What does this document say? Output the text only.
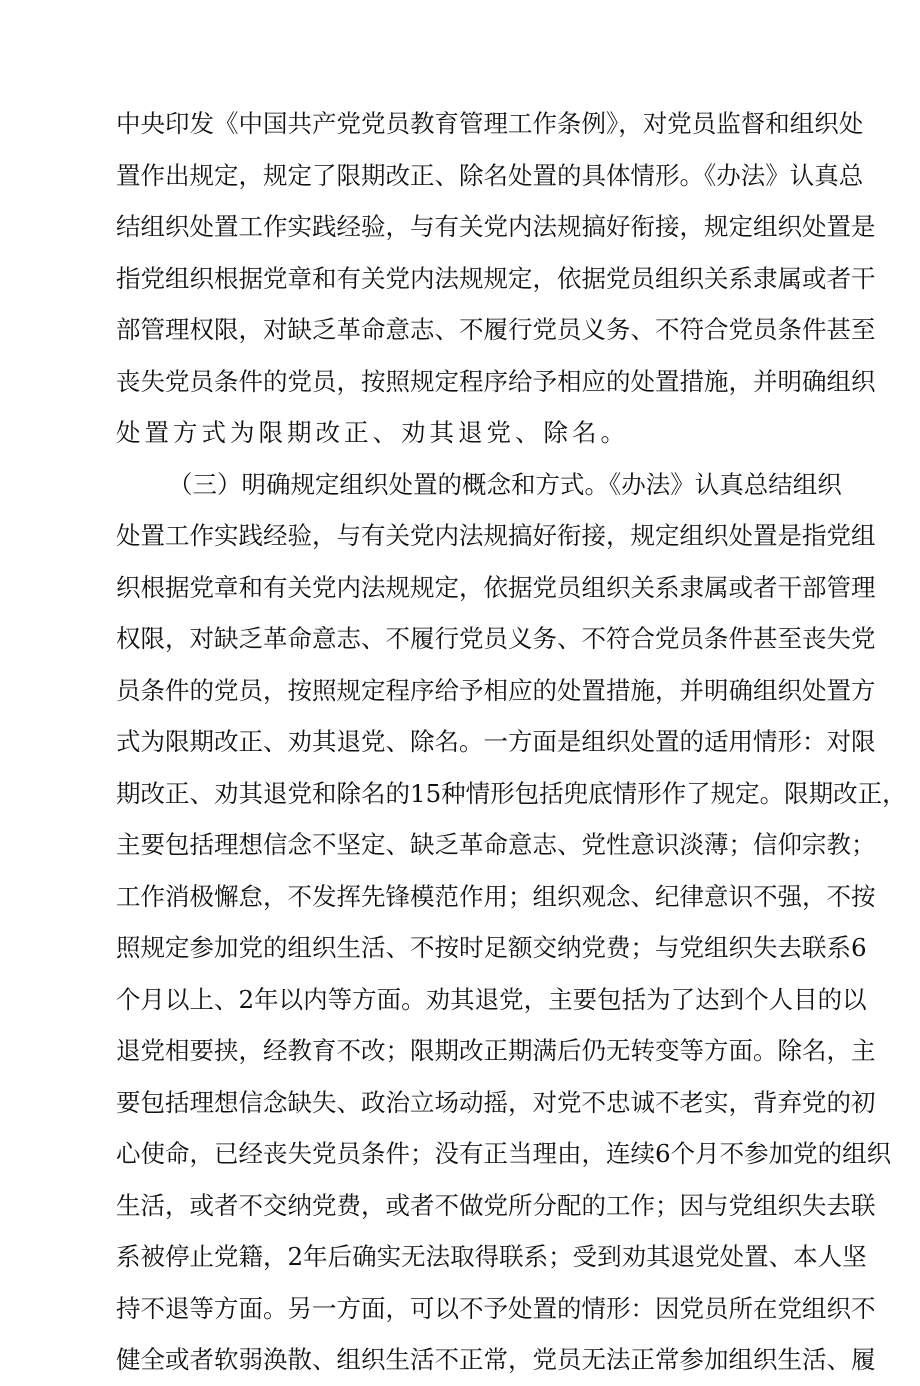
中央印发《中国共产党党员教育管理工作条例》，对党员监督和组织处
置作出规定，规定了限期改正、除名处置的具体情形。《办法》认真总
结组织处置工作实践经验，与有关党内法规搞好衔接，规定组织处置是
指党组织根据党章和有关党内法规规定，依据党员组织关系隶属或者干
部管理权限，对缺乏革命意志、不履行党员义务、不符合党员条件甚至
丧失党员条件的党员，按照规定程序给予相应的处置措施，并明确组织
处置方式为限期改正、劝其退党、除名。
（三）明确规定组织处置的概念和方式。《办法》认真总结组织
处置工作实践经验，与有关党内法规搞好衔接，规定组织处置是指党组
织根据党章和有关党内法规规定，依据党员组织关系隶属或者干部管理
权限，对缺乏革命意志、不履行党员义务、不符合党员条件甚至丧失党
员条件的党员，按照规定程序给予相应的处置措施，并明确组织处置方
式为限期改正、劝其退党、除名。一方面是组织处置的适用情形：对限
期改正、劝其退党和除名的15种情形包括兜底情形作了规定。限期改正，
主要包括理想信念不坚定、缺乏革命意志、党性意识淡薄；信仰宗教；
工作消极懈怠，不发挥先锋模范作用；组织观念、纪律意识不强，不按
照规定参加党的组织生活、不按时足额交纳党费；与党组织失去联系6
个月以上、2年以内等方面。劝其退党，主要包括为了达到个人目的以
退党相要挟，经教育不改；限期改正期满后仍无转变等方面。除名，主
要包括理想信念缺失、政治立场动摇，对党不忠诚不老实，背弃党的初
心使命，已经丧失党员条件；没有正当理由，连续6个月不参加党的组织
生活，或者不交纳党费，或者不做党所分配的工作；因与党组织失去联
系被停止党籍，2年后确实无法取得联系；受到劝其退党处置、本人坚
持不退等方面。另一方面，可以不予处置的情形：因党员所在党组织不
健全或者软弱涣散、组织生活不正常，党员无法正常参加组织生活、履
